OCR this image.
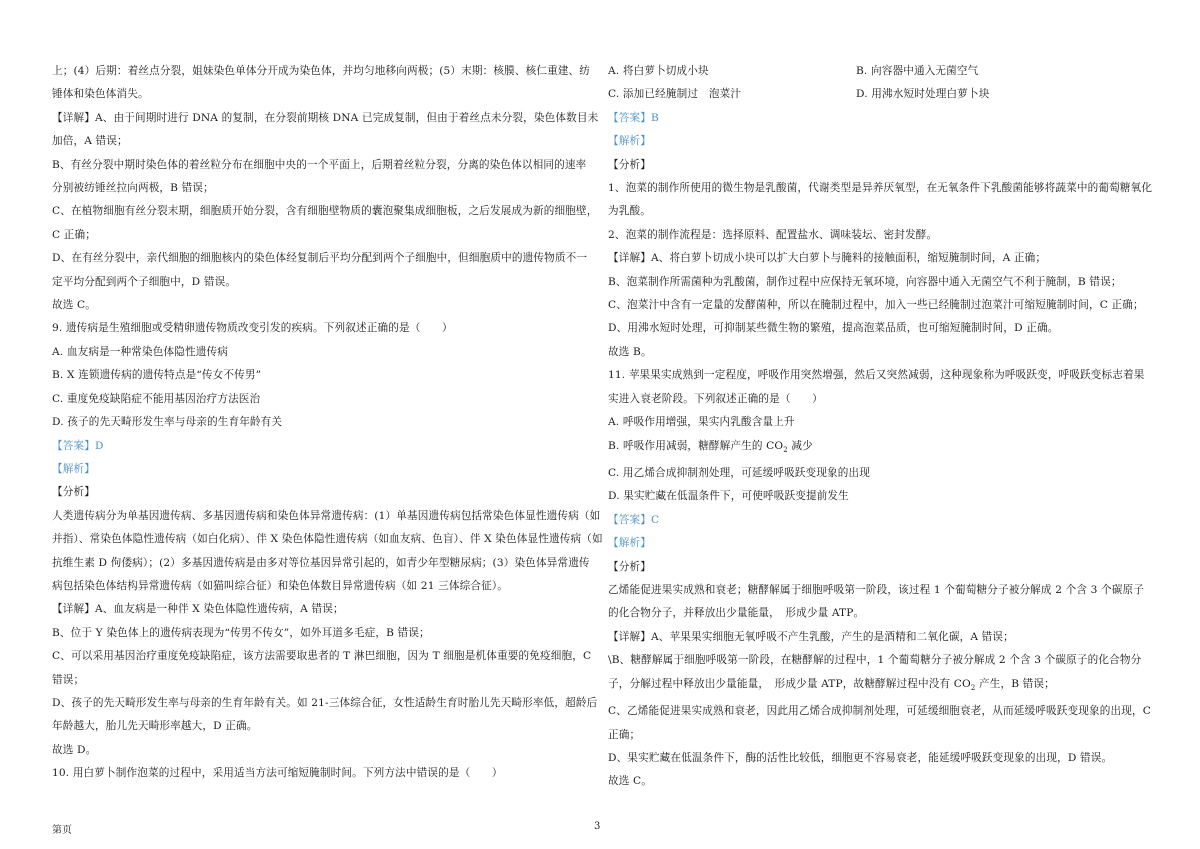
上；(4）后期：着丝点分裂，姐妹染色单体分开成为染色体，并均匀地移向两极；(5）末期：核膜、核仁重建、纺
锤体和染色体消失。
【详解】A、由于间期时进行 DNA 的复制，在分裂前期核 DNA 已完成复制，但由于着丝点未分裂，染色体数目未
加倍，A 错误；
B、有丝分裂中期时染色体的着丝粒分布在细胞中央的一个平面上，后期着丝粒分裂，分离的染色体以相同的速率
分别被纺锤丝拉向两极，B 错误；
C、在植物细胞有丝分裂末期，细胞质开始分裂，含有细胞壁物质的囊泡聚集成细胞板，之后发展成为新的细胞壁，
C 正确；
D、在有丝分裂中，亲代细胞的细胞核内的染色体经复制后平均分配到两个子细胞中，但细胞质中的遗传物质不一
定平均分配到两个子细胞中，D 错误。
故选 C。
9. 遗传病是生殖细胞或受精卵遗传物质改变引发的疾病。下列叙述正确的是（　　）
A. 血友病是一种常染色体隐性遗传病
B. X 连锁遗传病的遗传特点是“传女不传男”
C. 重度免疫缺陷症不能用基因治疗方法医治
D. 孩子的先天畸形发生率与母亲的生育年龄有关
【答案】D
【解析】
【分析】
人类遗传病分为单基因遗传病、多基因遗传病和染色体异常遗传病：(1）单基因遗传病包括常染色体显性遗传病（如
并指）、常染色体隐性遗传病（如白化病）、伴 X 染色体隐性遗传病（如血友病、色盲）、伴 X 染色体显性遗传病（如
抗维生素 D 佝偻病）；(2）多基因遗传病是由多对等位基因异常引起的，如青少年型糖尿病；(3）染色体异常遗传
病包括染色体结构异常遗传病（如猫叫综合征）和染色体数目异常遗传病（如 21 三体综合征）。
【详解】A、血友病是一种伴 X 染色体隐性遗传病，A 错误；
B、位于 Y 染色体上的遗传病表现为“传男不传女”，如外耳道多毛症，B 错误；
C、可以采用基因治疗重度免疫缺陷症，该方法需要取患者的 T 淋巴细胞，因为 T 细胞是机体重要的免疫细胞，C
错误；
D、孩子的先天畸形发生率与母亲的生育年龄有关。如 21-三体综合征，女性适龄生育时胎儿先天畸形率低，超龄后
年龄越大，胎儿先天畸形率越大，D 正确。
故选 D。
10. 用白萝卜制作泡菜的过程中，采用适当方法可缩短腌制时间。下列方法中错误的是（　　）
A. 将白萝卜切成小块	B. 向容器中通入无菌空气
C. 添加已经腌制过　泡菜汁	D. 用沸水短时处理白萝卜块
【答案】B
【解析】
【分析】
1、泡菜的制作所使用的微生物是乳酸菌，代谢类型是异养厌氧型，在无氧条件下乳酸菌能够将蔬菜中的葡萄糖氧化
为乳酸。
2、泡菜的制作流程是：选择原料、配置盐水、调味装坛、密封发酵。
【详解】A、将白萝卜切成小块可以扩大白萝卜与腌料的接触面积，缩短腌制时间，A 正确；
B、泡菜制作所需菌种为乳酸菌，制作过程中应保持无氧环境，向容器中通入无菌空气不利于腌制，B 错误；
C、泡菜汁中含有一定量的发酵菌种，所以在腌制过程中，加入一些已经腌制过泡菜汁可缩短腌制时间，C 正确；
D、用沸水短时处理，可抑制某些微生物的繁殖，提高泡菜品质，也可缩短腌制时间，D 正确。
故选 B。
11. 苹果果实成熟到一定程度，呼吸作用突然增强，然后又突然减弱，这种现象称为呼吸跃变，呼吸跃变标志着果
实进入衰老阶段。下列叙述正确的是（　　）
A. 呼吸作用增强，果实内乳酸含量上升
B. 呼吸作用减弱，糖酵解产生的 $CO_2$ 减少
C. 用乙烯合成抑制剂处理，可延缓呼吸跃变现象的出现
D. 果实贮藏在低温条件下，可使呼吸跃变提前发生
【答案】C
【解析】
【分析】
乙烯能促进果实成熟和衰老；糖酵解属于细胞呼吸第一阶段，该过程 1 个葡萄糖分子被分解成 2 个含 3 个碳原子
的化合物分子，并释放出少量能量，　形成少量 ATP。
【详解】A、苹果果实细胞无氧呼吸不产生乳酸，产生的是酒精和二氧化碳，A 错误；
\B、糖酵解属于细胞呼吸第一阶段，在糖酵解的过程中，1 个葡萄糖分子被分解成 2 个含 3 个碳原子的化合物分
子，分解过程中释放出少量能量，　形成少量 ATP，故糖酵解过程中没有 $CO_2$ 产生，B 错误；
C、乙烯能促进果实成熟和衰老，因此用乙烯合成抑制剂处理，可延缓细胞衰老，从而延缓呼吸跃变现象的出现，C
正确；
D、果实贮藏在低温条件下，酶的活性比较低，细胞更不容易衰老，能延缓呼吸跃变现象的出现，D 错误。
故选 C。
第页	3
